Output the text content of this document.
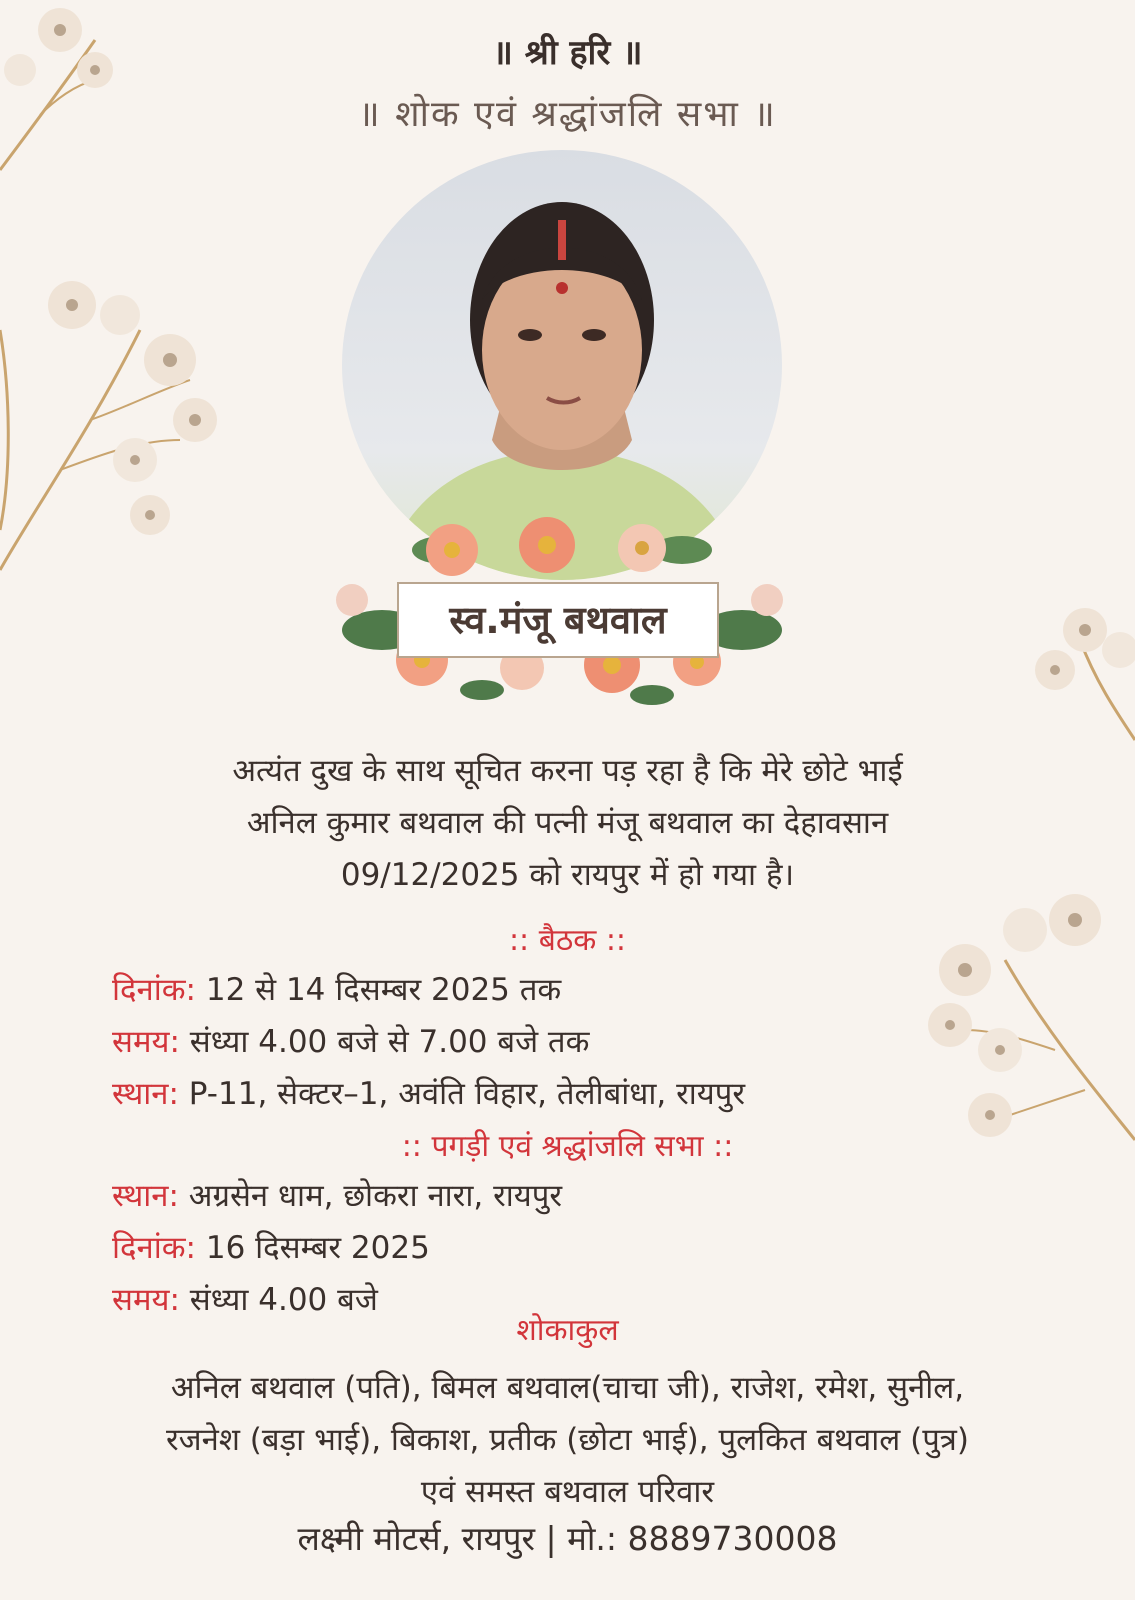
॥ श्री हरि ॥
॥ शोक एवं श्रद्धांजलि सभा ॥
स्व.मंजू बथवाल
अत्यंत दुख के साथ सूचित करना पड़ रहा है कि मेरे छोटे भाई
अनिल कुमार बथवाल की पत्नी मंजू बथवाल का देहावसान
09/12/2025 को रायपुर में हो गया है।
:: बैठक ::
दिनांक: 12 से 14 दिसम्बर 2025 तक
समय: संध्या 4.00 बजे से 7.00 बजे तक
स्थान: P-11, सेक्टर–1, अवंति विहार, तेलीबांधा, रायपुर
:: पगड़ी एवं श्रद्धांजलि सभा ::
स्थान: अग्रसेन धाम, छोकरा नारा, रायपुर
दिनांक: 16 दिसम्बर 2025
समय: संध्या 4.00 बजे
शोकाकुल
अनिल बथवाल (पति), बिमल बथवाल(चाचा जी), राजेश, रमेश, सुनील,
रजनेश (बड़ा भाई), बिकाश, प्रतीक (छोटा भाई), पुलकित बथवाल (पुत्र)
एवं समस्त बथवाल परिवार
लक्ष्मी मोटर्स, रायपुर | मो.: 8889730008
